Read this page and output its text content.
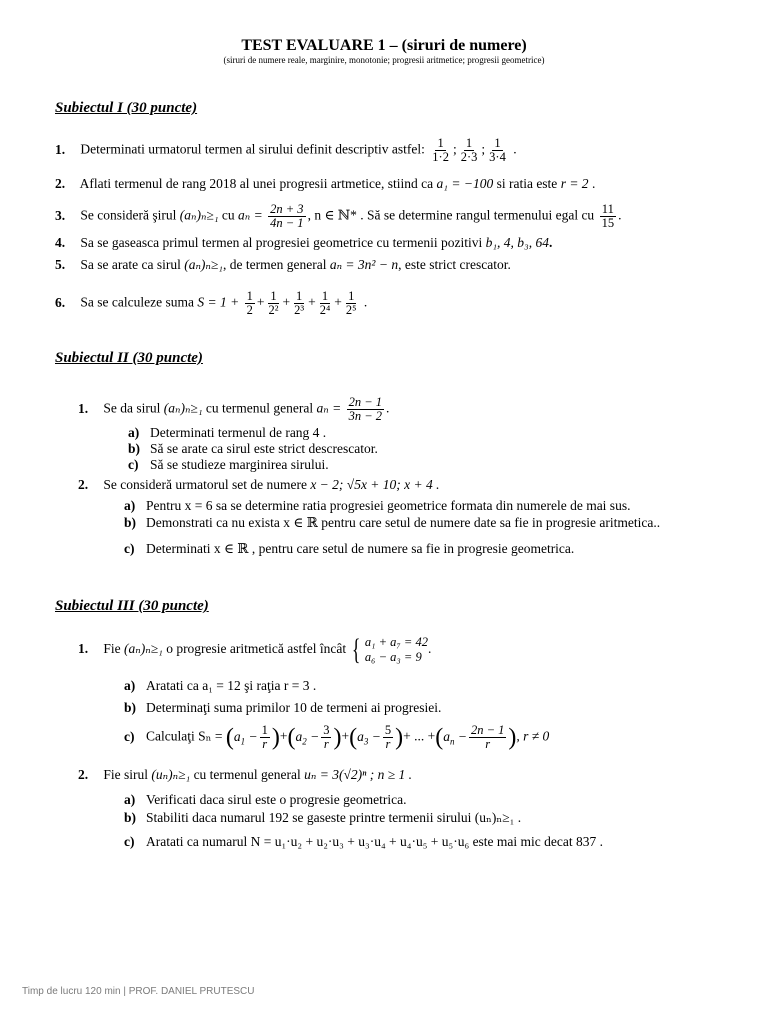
TEST EVALUARE 1 – (siruri de numere)
(siruri de numere reale, marginire, monotonie; progresii aritmetice; progresii geometrice)
Subiectul I (30 puncte)
1. Determinati urmatorul termen al sirului definit descriptiv astfel: $\frac{1}{1\cdot 2}$ ; $\frac{1}{2\cdot 3}$ ; $\frac{1}{3\cdot 4}$ .
2. Aflati termenul de rang 2018 al unei progresii artmetice, stiind ca a₁ = −100 si ratia este r = 2 .
3. Se consideră şirul (aₙ)ₙ≥₁ cu $a_n = \frac{2n + 3}{4n - 1}$ , n ∈ ℕ* . Să se determine rangul termenului egal cu $\frac{11}{15}$ .
4. Sa se gaseasca primul termen al progresiei geometrice cu termenii pozitivi b₁, 4, b₃, 64.
5. Sa se arate ca sirul (aₙ)ₙ≥₁, de termen general aₙ = 3n² − n, este strict crescator.
6. Sa se calculeze suma $S = 1 + \frac{1}{2} + \frac{1}{\text{2²}} + \frac{1}{\text{2³}} + \frac{1}{\text{2⁴}} + \frac{1}{\text{2⁵}}$ .
Subiectul II (30 puncte)
1. Se da sirul (aₙ)ₙ≥₁ cu termenul general $a_n = \frac{2n - 1}{3n - 2}$ .
a) Determinati termenul de rang 4 .
b) Să se arate ca sirul este strict descrescator.
c) Să se studieze marginirea sirului.
2. Se consideră urmatorul set de numere x − 2; √5x + 10; x + 4 .
a) Pentru x = 6 sa se determine ratia progresiei geometrice formata din numerele de mai sus.
b) Demonstrati ca nu exista x ∈ ℝ pentru care setul de numere date sa fie in progresie aritmetica..
c) Determinati x ∈ ℝ , pentru care setul de numere sa fie in progresie geometrica.
Subiectul III (30 puncte)
1. Fie (aₙ)ₙ≥₁ o progresie aritmetică astfel încât { a₁ + a₇ = 42
a₆ − a₃ = 9
.
a) Aratati ca a₁ = 12 şi raţia r = 3 .
b) Determinaţi suma primilor 10 de termeni ai progresiei.
c) Calculaţi $S_n = (a_1 - \frac{1}{r} )+(a_2 - \frac{3}{r} )+(a_3 - \frac{5}{r}$ )+ ... $+(a_n - \frac{2n - 1}{r}$ ), r ≠ 0
2. Fie sirul (uₙ)ₙ≥₁ cu termenul general uₙ = 3(√2)ⁿ ; n ≥ 1 .
a) Verificati daca sirul este o progresie geometrica.
b) Stabiliti daca numarul 192 se gaseste printre termenii sirului (uₙ)ₙ≥₁ .
c) Aratati ca numarul N = u₁·u₂ + u₂·u₃ + u₃·u₄ + u₄·u₅ + u₅·u₆ este mai mic decat 837 .
Timp de lucru 120 min | PROF. DANIEL PRUTESCU
